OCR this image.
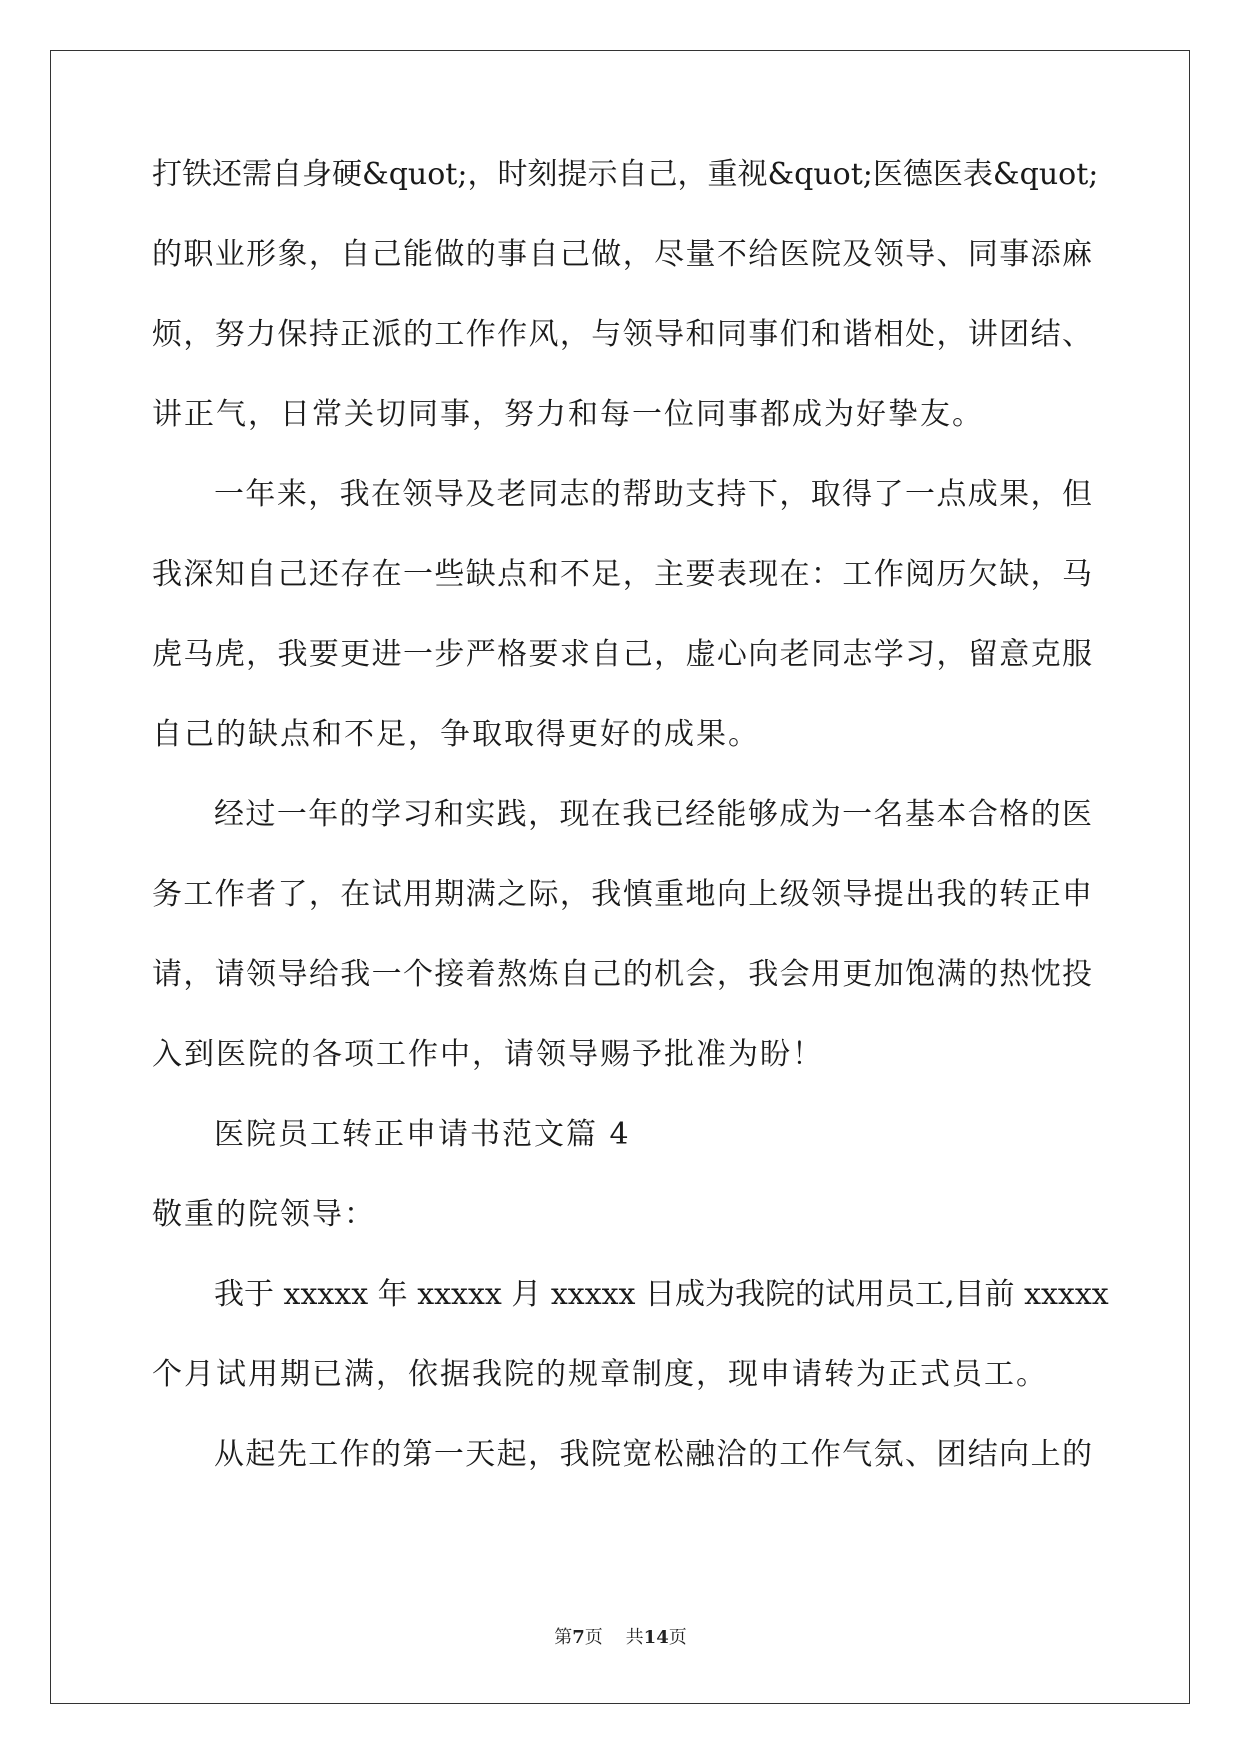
打铁还需自身硬&quot;，时刻提示自己，重视&quot;医德医表&quot;
的职业形象，自己能做的事自己做，尽量不给医院及领导、同事添麻
烦，努力保持正派的工作作风，与领导和同事们和谐相处，讲团结、
讲正气，日常关切同事，努力和每一位同事都成为好挚友。
一年来，我在领导及老同志的帮助支持下，取得了一点成果，但
我深知自己还存在一些缺点和不足，主要表现在：工作阅历欠缺，马
虎马虎，我要更进一步严格要求自己，虚心向老同志学习，留意克服
自己的缺点和不足，争取取得更好的成果。
经过一年的学习和实践，现在我已经能够成为一名基本合格的医
务工作者了，在试用期满之际，我慎重地向上级领导提出我的转正申
请，请领导给我一个接着熬炼自己的机会，我会用更加饱满的热忱投
入到医院的各项工作中，请领导赐予批准为盼！
医院员工转正申请书范文篇 4
敬重的院领导：
我于 xxxxx 年 xxxxx 月 xxxxx 日成为我院的试用员工,目前 xxxxx
个月试用期已满，依据我院的规章制度，现申请转为正式员工。
从起先工作的第一天起，我院宽松融洽的工作气氛、团结向上的
第7页    共14页
